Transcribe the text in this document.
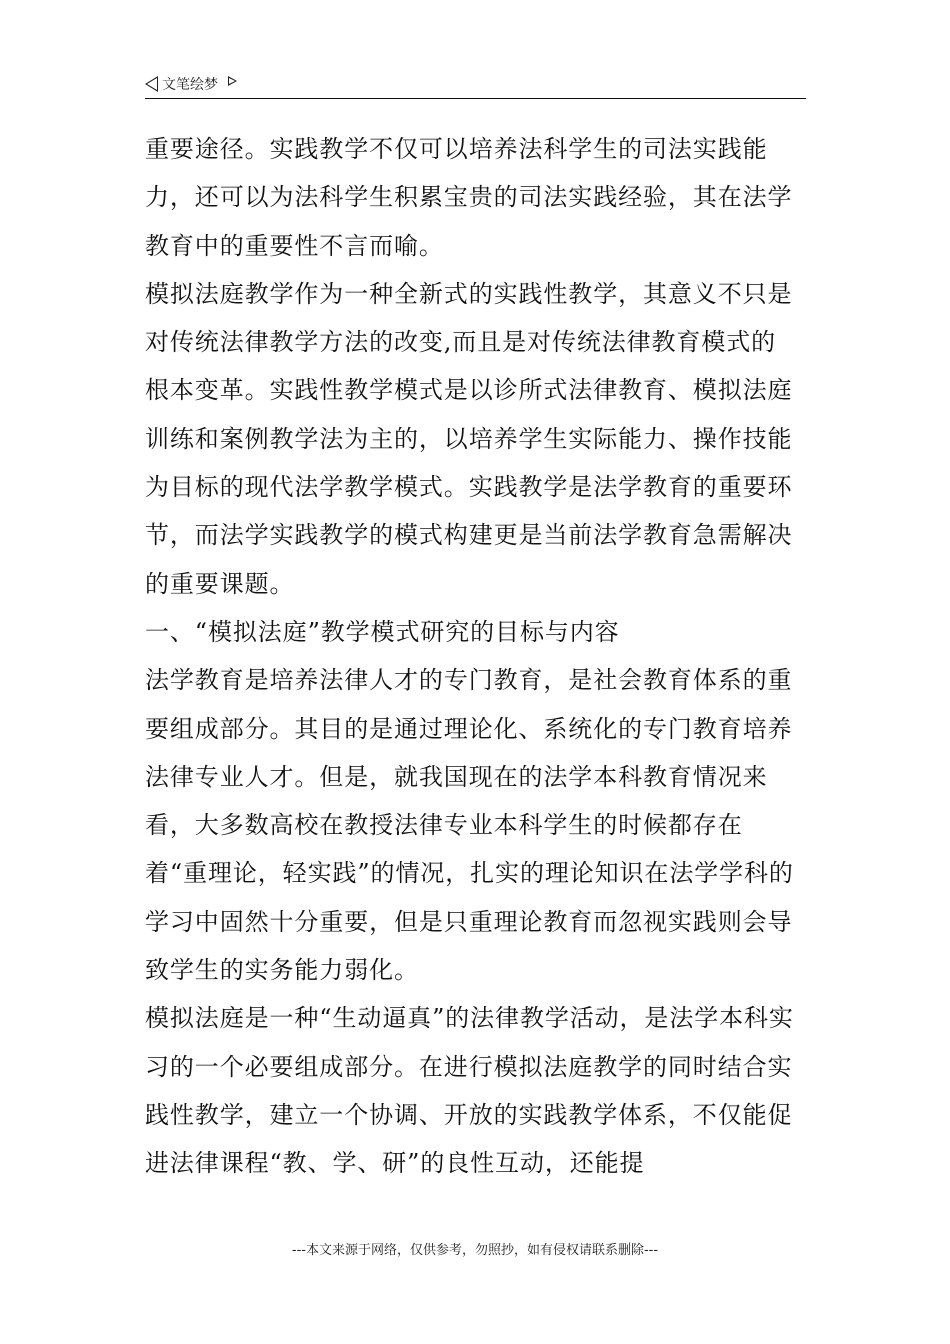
文笔绘梦

重要途径。实践教学不仅可以培养法科学生的司法实践能力，还可以为法科学生积累宝贵的司法实践经验，其在法学教育中的重要性不言而喻。

模拟法庭教学作为一种全新式的实践性教学，其意义不只是对传统法律教学方法的改变,而且是对传统法律教育模式的根本变革。实践性教学模式是以诊所式法律教育、模拟法庭训练和案例教学法为主的，以培养学生实际能力、操作技能为目标的现代法学教学模式。实践教学是法学教育的重要环节，而法学实践教学的模式构建更是当前法学教育急需解决的重要课题。

一、“模拟法庭”教学模式研究的目标与内容

法学教育是培养法律人才的专门教育，是社会教育体系的重要组成部分。其目的是通过理论化、系统化的专门教育培养法律专业人才。但是，就我国现在的法学本科教育情况来看，大多数高校在教授法律专业本科学生的时候都存在着“重理论，轻实践”的情况，扎实的理论知识在法学学科的学习中固然十分重要，但是只重理论教育而忽视实践则会导致学生的实务能力弱化。

模拟法庭是一种“生动逼真”的法律教学活动，是法学本科实习的一个必要组成部分。在进行模拟法庭教学的同时结合实践性教学，建立一个协调、开放的实践教学体系，不仅能促进法律课程“教、学、研”的良性互动，还能提

---本文来源于网络，仅供参考，勿照抄，如有侵权请联系删除---
